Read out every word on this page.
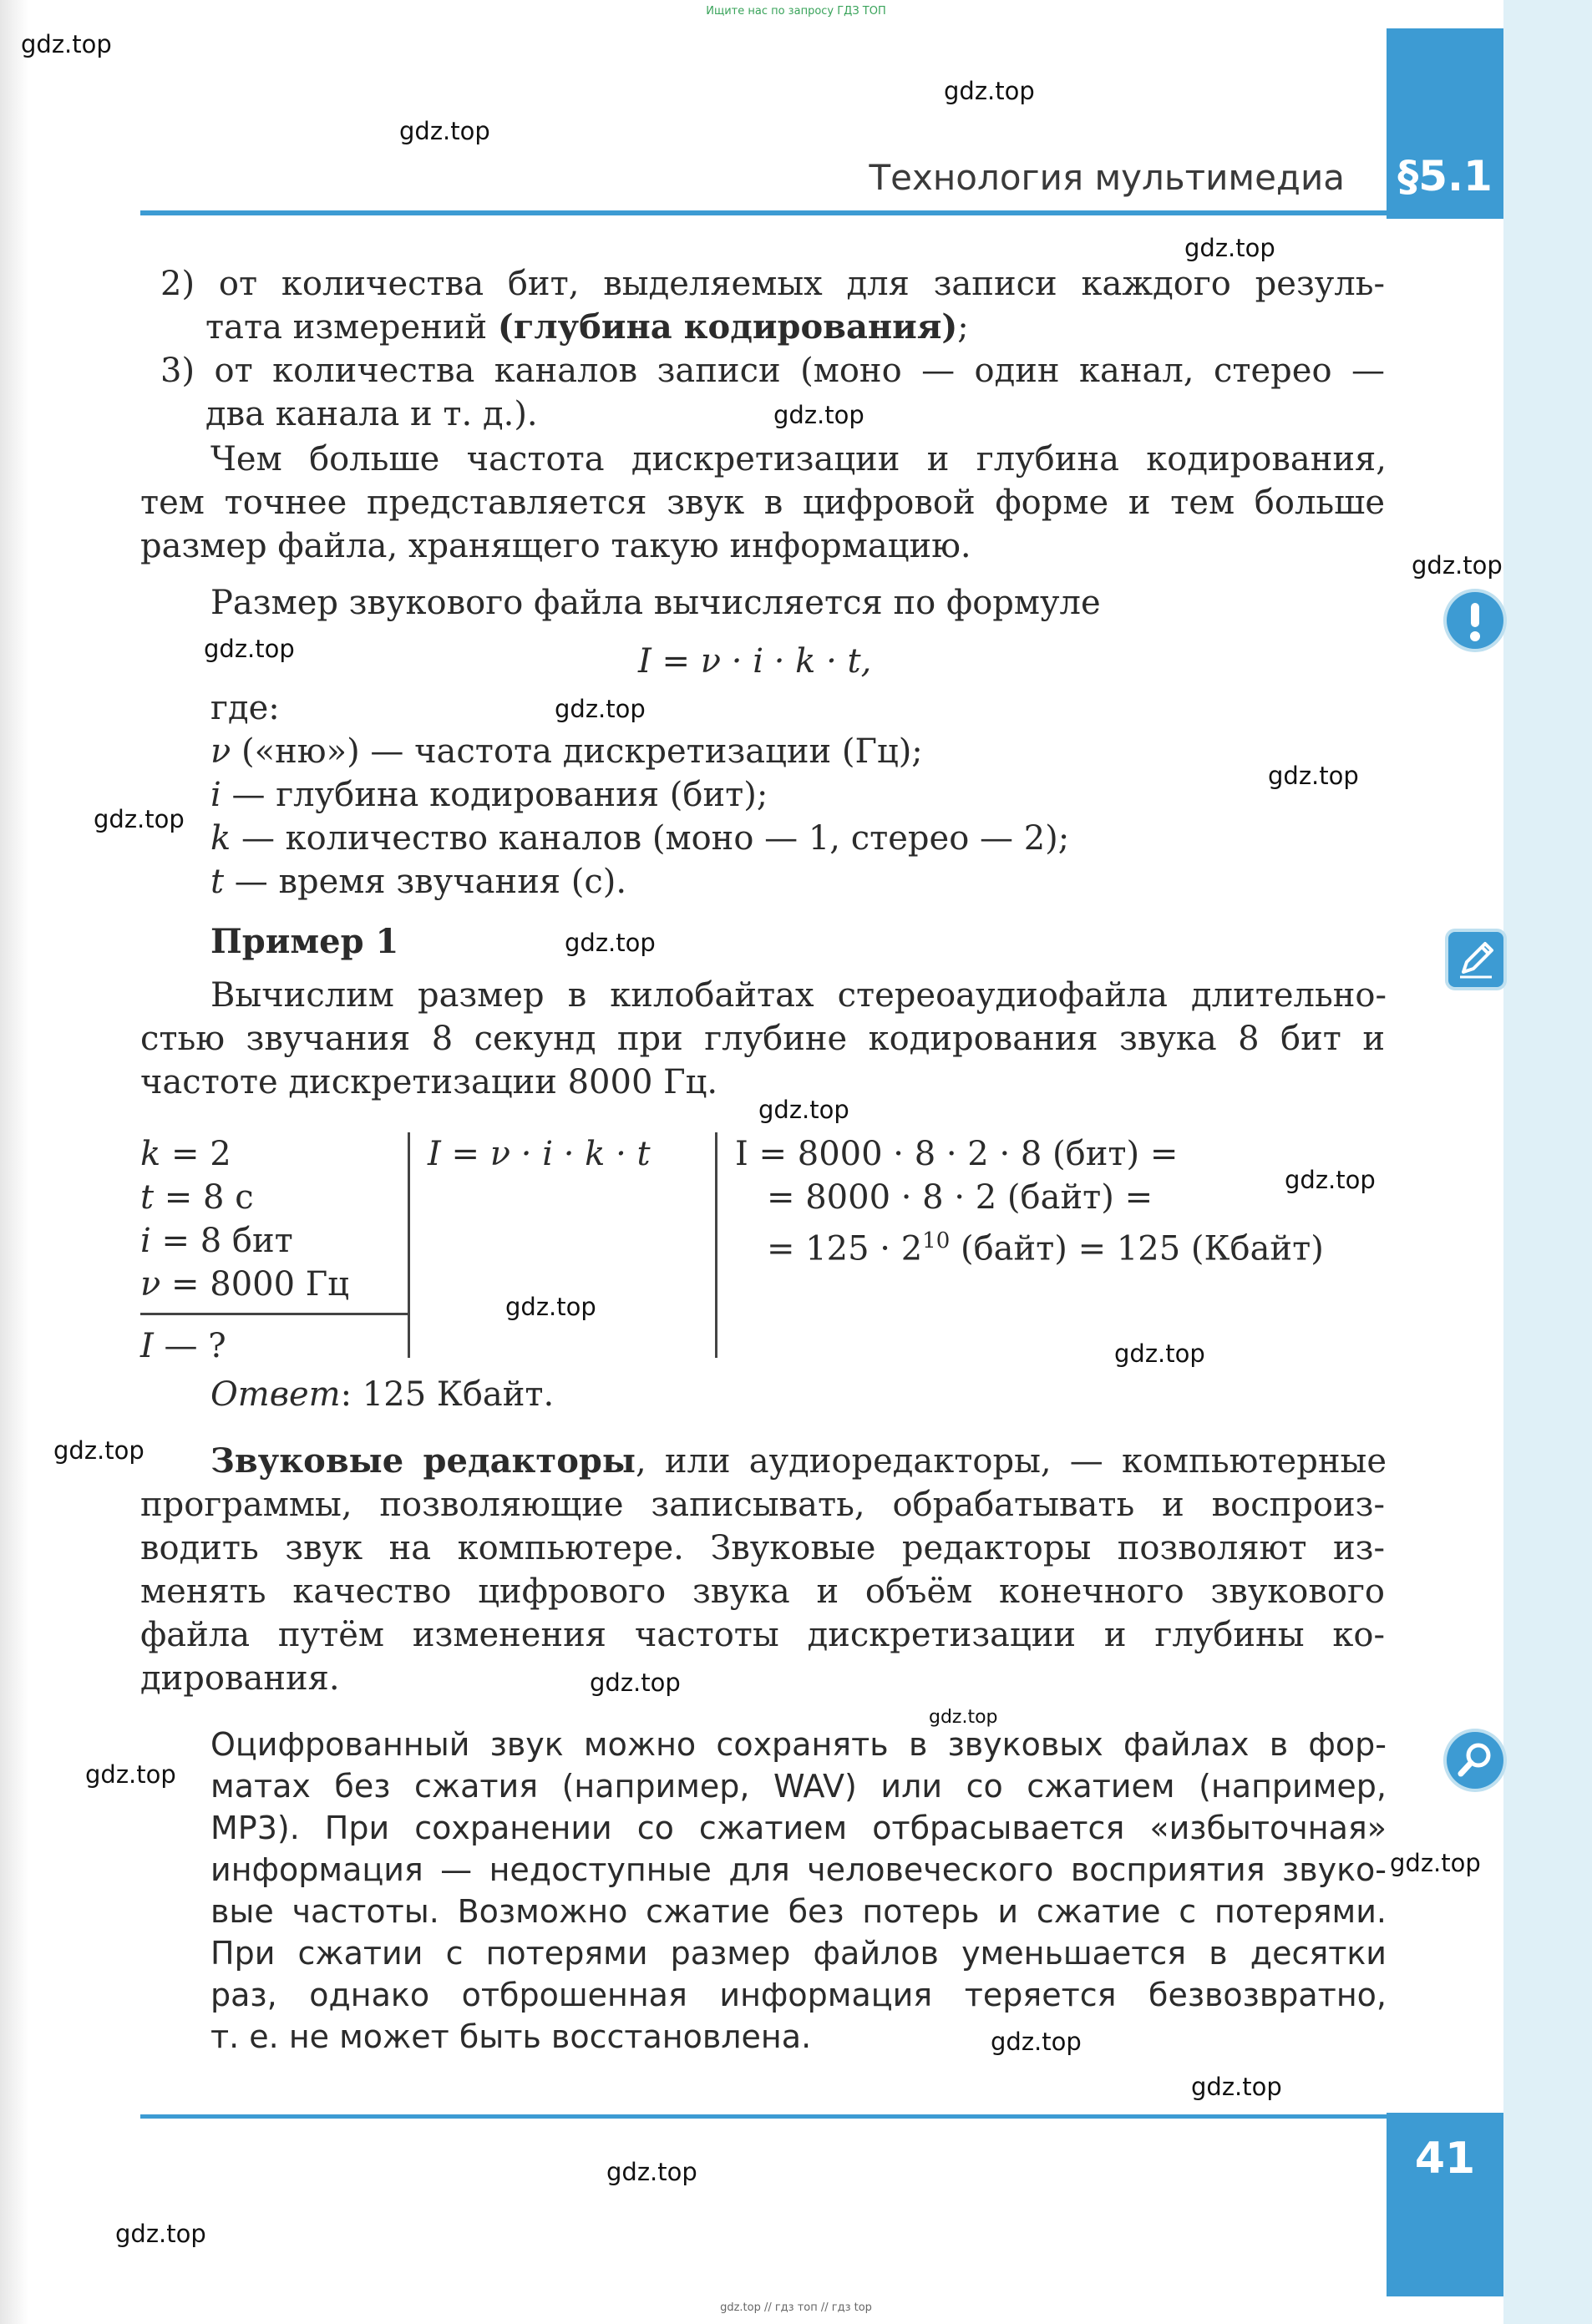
Ищите нас по запросу ГДЗ ТОП
Технология мультимедиа §5.1
2) от количества бит, выделяемых для записи каждого резуль-
тата измерений (глубина кодирования);
3) от количества каналов записи (моно — один канал, стерео —
два канала и т. д.).
Чем больше частота дискретизации и глубина кодирования,
тем точнее представляется звук в цифровой форме и тем больше
размер файла, хранящего такую информацию.
Размер звукового файла вычисляется по формуле
I = ν · i · k · t,
где:
ν («ню») — частота дискретизации (Гц);
i — глубина кодирования (бит);
k — количество каналов (моно — 1, стерео — 2);
t — время звучания (с).
Пример 1
Вычислим размер в килобайтах стереоаудиофайла длительно-
стью звучания 8 секунд при глубине кодирования звука 8 бит и
частоте дискретизации 8000 Гц.
k = 2
t = 8 с
i = 8 бит
ν = 8000 Гц
I — ?
I = ν · i · k · t	I = 8000 · 8 · 2 · 8 (бит) =
= 8000 · 8 · 2 (байт) =
= $125 \cdot 2^{10}$ (байт) = 125 (Кбайт)
Ответ: 125 Кбайт.
Звуковые редакторы, или аудиоредакторы, — компьютерные
программы, позволяющие записывать, обрабатывать и воспроиз-
водить звук на компьютере. Звуковые редакторы позволяют из-
менять качество цифрового звука и объём конечного звукового
файла путём изменения частоты дискретизации и глубины ко-
дирования.
Оцифрованный звук можно сохранять в звуковых файлах в фор-
матах без сжатия (например, WAV) или со сжатием (например,
MP3). При сохранении со сжатием отбрасывается «избыточная»
информация — недоступные для человеческого восприятия звуко-
вые частоты. Возможно сжатие без потерь и сжатие с потерями.
При сжатии с потерями размер файлов уменьшается в десятки
раз, однако отброшенная информация теряется безвозвратно,
т. е. не может быть восстановлена.
41
gdz.top // гдз топ // гдз top
gdz.top
gdz.top
gdz.top
gdz.top
gdz.top
gdz.top
gdz.top
gdz.top
gdz.top
gdz.top
gdz.top
gdz.top
gdz.top
gdz.top
gdz.top
gdz.top
gdz.top
gdz.top
gdz.top
gdz.top
gdz.top
gdz.top
gdz.top
gdz.top
